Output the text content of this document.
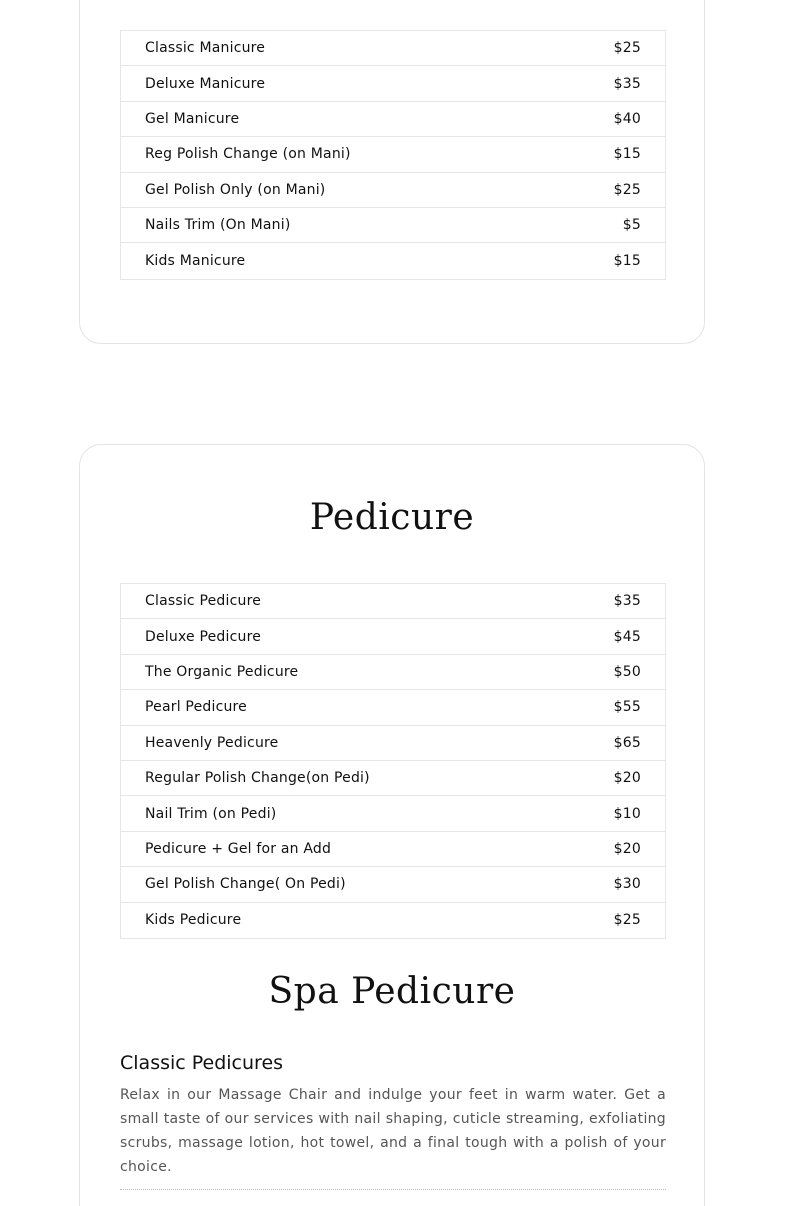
Classic Manicure	$25
Deluxe Manicure	$35
Gel Manicure	$40
Reg Polish Change (on Mani)	$15
Gel Polish Only (on Mani)	$25
Nails Trim (On Mani)	$5
Kids Manicure	$15
Pedicure
Classic Pedicure	$35
Deluxe Pedicure	$45
The Organic Pedicure	$50
Pearl Pedicure	$55
Heavenly Pedicure	$65
Regular Polish Change(on Pedi)	$20
Nail Trim (on Pedi)	$10
Pedicure + Gel for an Add	$20
Gel Polish Change( On Pedi)	$30
Kids Pedicure	$25
Spa Pedicure
Classic Pedicures

Relax in our Massage Chair and indulge your feet in warm water. Get a small taste of our services with nail shaping, cuticle streaming, exfoliating scrubs, massage lotion, hot towel, and a final tough with a polish of your choice.
